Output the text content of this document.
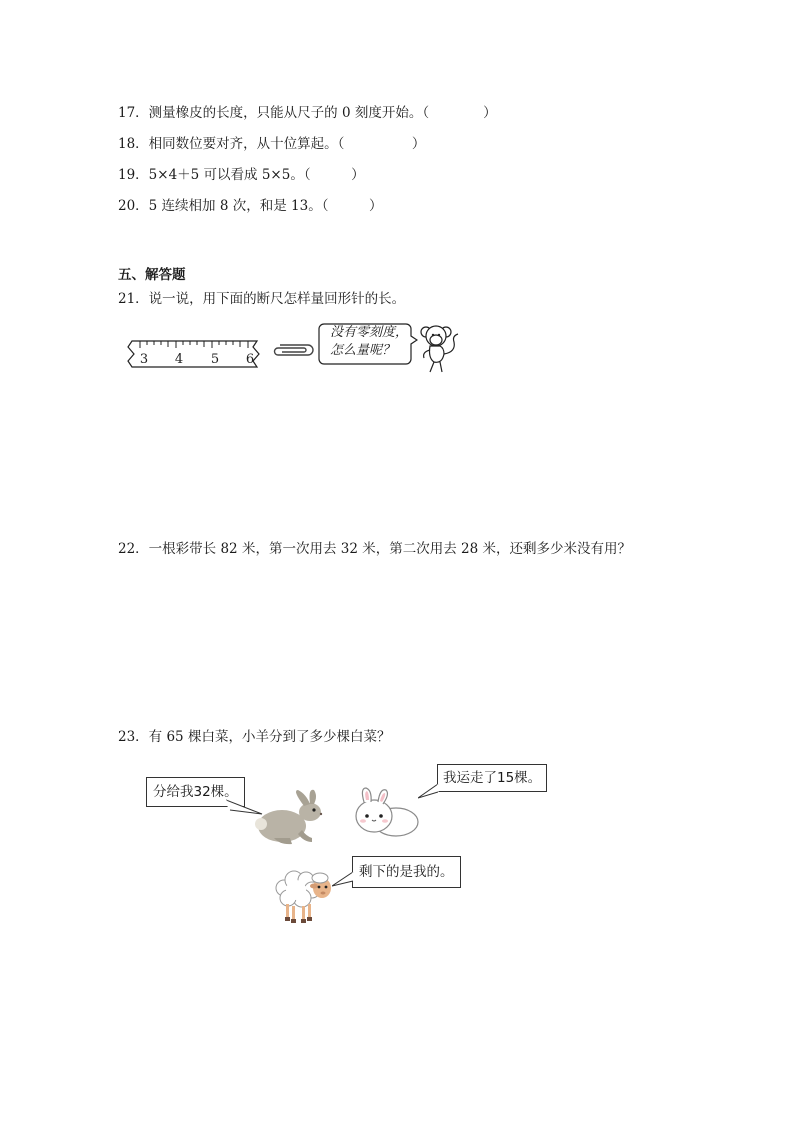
17．测量橡皮的长度，只能从尺子的 0 刻度开始。（　　　　）
18．相同数位要对齐，从十位算起。（　　　　　）
19．5×4＋5 可以看成 5×5。（　　　）
20．5 连续相加 8 次，和是 13。（　　　）
五、解答题
21．说一说，用下面的断尺怎样量回形针的长。
3 4 5 6
没有零刻度，
怎么量呢？
22．一根彩带长 82 米，第一次用去 32 米，第二次用去 28 米，还剩多少米没有用？
23．有 65 棵白菜，小羊分到了多少棵白菜？
分给我32棵。
我运走了15棵。
剩下的是我的。
